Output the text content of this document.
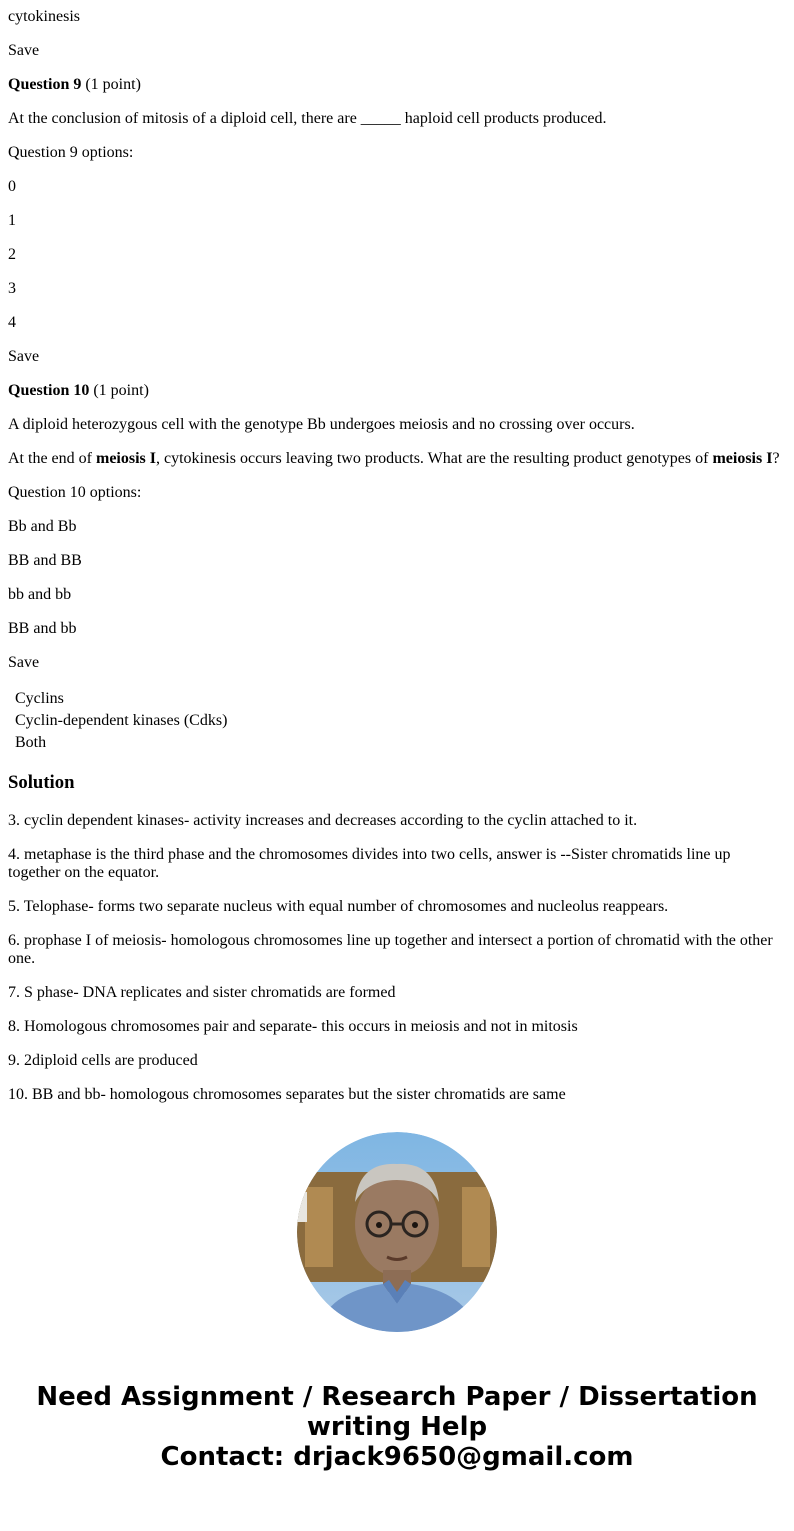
cytokinesis

Save

Question 9 (1 point)

At the conclusion of mitosis of a diploid cell, there are _____ haploid cell products produced.

Question 9 options:

0

1

2

3

4

Save

Question 10 (1 point)

A diploid heterozygous cell with the genotype Bb undergoes meiosis and no crossing over occurs.

At the end of meiosis I, cytokinesis occurs leaving two products. What are the resulting product genotypes of meiosis I?

Question 10 options:

Bb and Bb

BB and BB

bb and bb

BB and bb

Save

Cyclins
Cyclin-dependent kinases (Cdks)
Both
Solution

3. cyclin dependent kinases- activity increases and decreases according to the cyclin attached to it.

4. metaphase is the third phase and the chromosomes divides into two cells, answer is --Sister chromatids line up together on the equator.

5. Telophase- forms two separate nucleus with equal number of chromosomes and nucleolus reappears.

6. prophase I of meiosis- homologous chromosomes line up together and intersect a portion of chromatid with the other one.

7. S phase- DNA replicates and sister chromatids are formed

8. Homologous chromosomes pair and separate- this occurs in meiosis and not in mitosis

9. 2diploid cells are produced

10. BB and bb- homologous chromosomes separates but the sister chromatids are same

Need Assignment / Research Paper / Dissertation
writing Help
Contact: drjack9650@gmail.com
